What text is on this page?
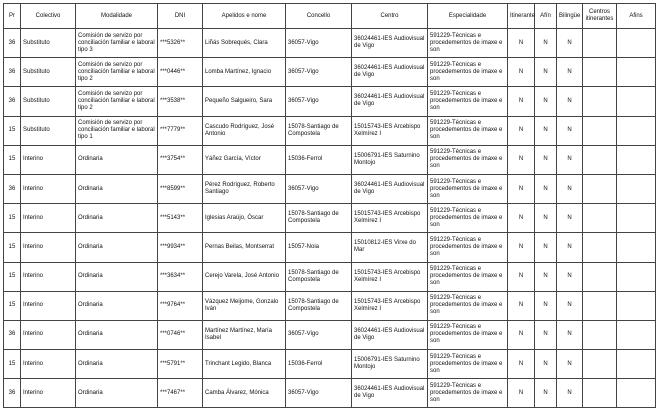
Pr	Colectivo	Modalidade	DNI	Apelidos e nome	Concello	Centro	Especialidade	Itinerante	Afín	Bilingüe	Centros itinerantes	Afins
36	Substituto	Comisión de servizo por conciliación familiar e laboral tipo 3	***5326**	Liñás Sobrequés, Clara	36057-Vigo	36024461-IES Audiovisual de Vigo	591229-Técnicas e procedementos de imaxe e son	N	N	N		
36	Substituto	Comisión de servizo por conciliación familiar e laboral tipo 2	***0446**	Lomba Martínez, Ignacio	36057-Vigo	36024461-IES Audiovisual de Vigo	591229-Técnicas e procedementos de imaxe e son	N	N	N		
36	Substituto	Comisión de servizo por conciliación familiar e laboral tipo 2	***3538**	Pequeño Salgueiro, Sara	36057-Vigo	36024461-IES Audiovisual de Vigo	591229-Técnicas e procedementos de imaxe e son	N	N	N		
15	Substituto	Comisión de servizo por conciliación familiar e laboral tipo 1	***7779**	Cascudo Rodríguez, José Antonio	15078-Santiago de Compostela	15015743-IES Arcebispo Xelmírez I	591229-Técnicas e procedementos de imaxe e son	N	N	N		
15	Interino	Ordinaria	***3754**	Yáñez García, Víctor	15036-Ferrol	15006791-IES Saturnino Montojo	591229-Técnicas e procedementos de imaxe e son	N	N	N		
36	Interino	Ordinaria	***8599**	Pérez Rodríguez, Roberto Santiago	36057-Vigo	36024461-IES Audiovisual de Vigo	591229-Técnicas e procedementos de imaxe e son	N	N	N		
15	Interino	Ordinaria	***5143**	Iglesias Araújo, Óscar	15078-Santiago de Compostela	15015743-IES Arcebispo Xelmírez I	591229-Técnicas e procedementos de imaxe e son	N	N	N		
15	Interino	Ordinaria	***9934**	Pernas Beilas, Montserrat	15057-Noia	15010812-IES Virxe do Mar	591229-Técnicas e procedementos de imaxe e son	N	N	N		
15	Interino	Ordinaria	***3634**	Cerejo Varela, José Antonio	15078-Santiago de Compostela	15015743-IES Arcebispo Xelmírez I	591229-Técnicas e procedementos de imaxe e son	N	N	N		
15	Interino	Ordinaria	***9764**	Vázquez Meijome, Gonzalo Iván	15078-Santiago de Compostela	15015743-IES Arcebispo Xelmírez I	591229-Técnicas e procedementos de imaxe e son	N	N	N		
36	Interino	Ordinaria	***0746**	Martínez Martínez, María Isabel	36057-Vigo	36024461-IES Audiovisual de Vigo	591229-Técnicas e procedementos de imaxe e son	N	N	N		
15	Interino	Ordinaria	***5791**	Trinchant Legido, Blanca	15036-Ferrol	15006791-IES Saturnino Montojo	591229-Técnicas e procedementos de imaxe e son	N	N	N		
36	Interino	Ordinaria	***7467**	Camba Álvarez, Mónica	36057-Vigo	36024461-IES Audiovisual de Vigo	591229-Técnicas e procedementos de imaxe e son	N	N	N		
